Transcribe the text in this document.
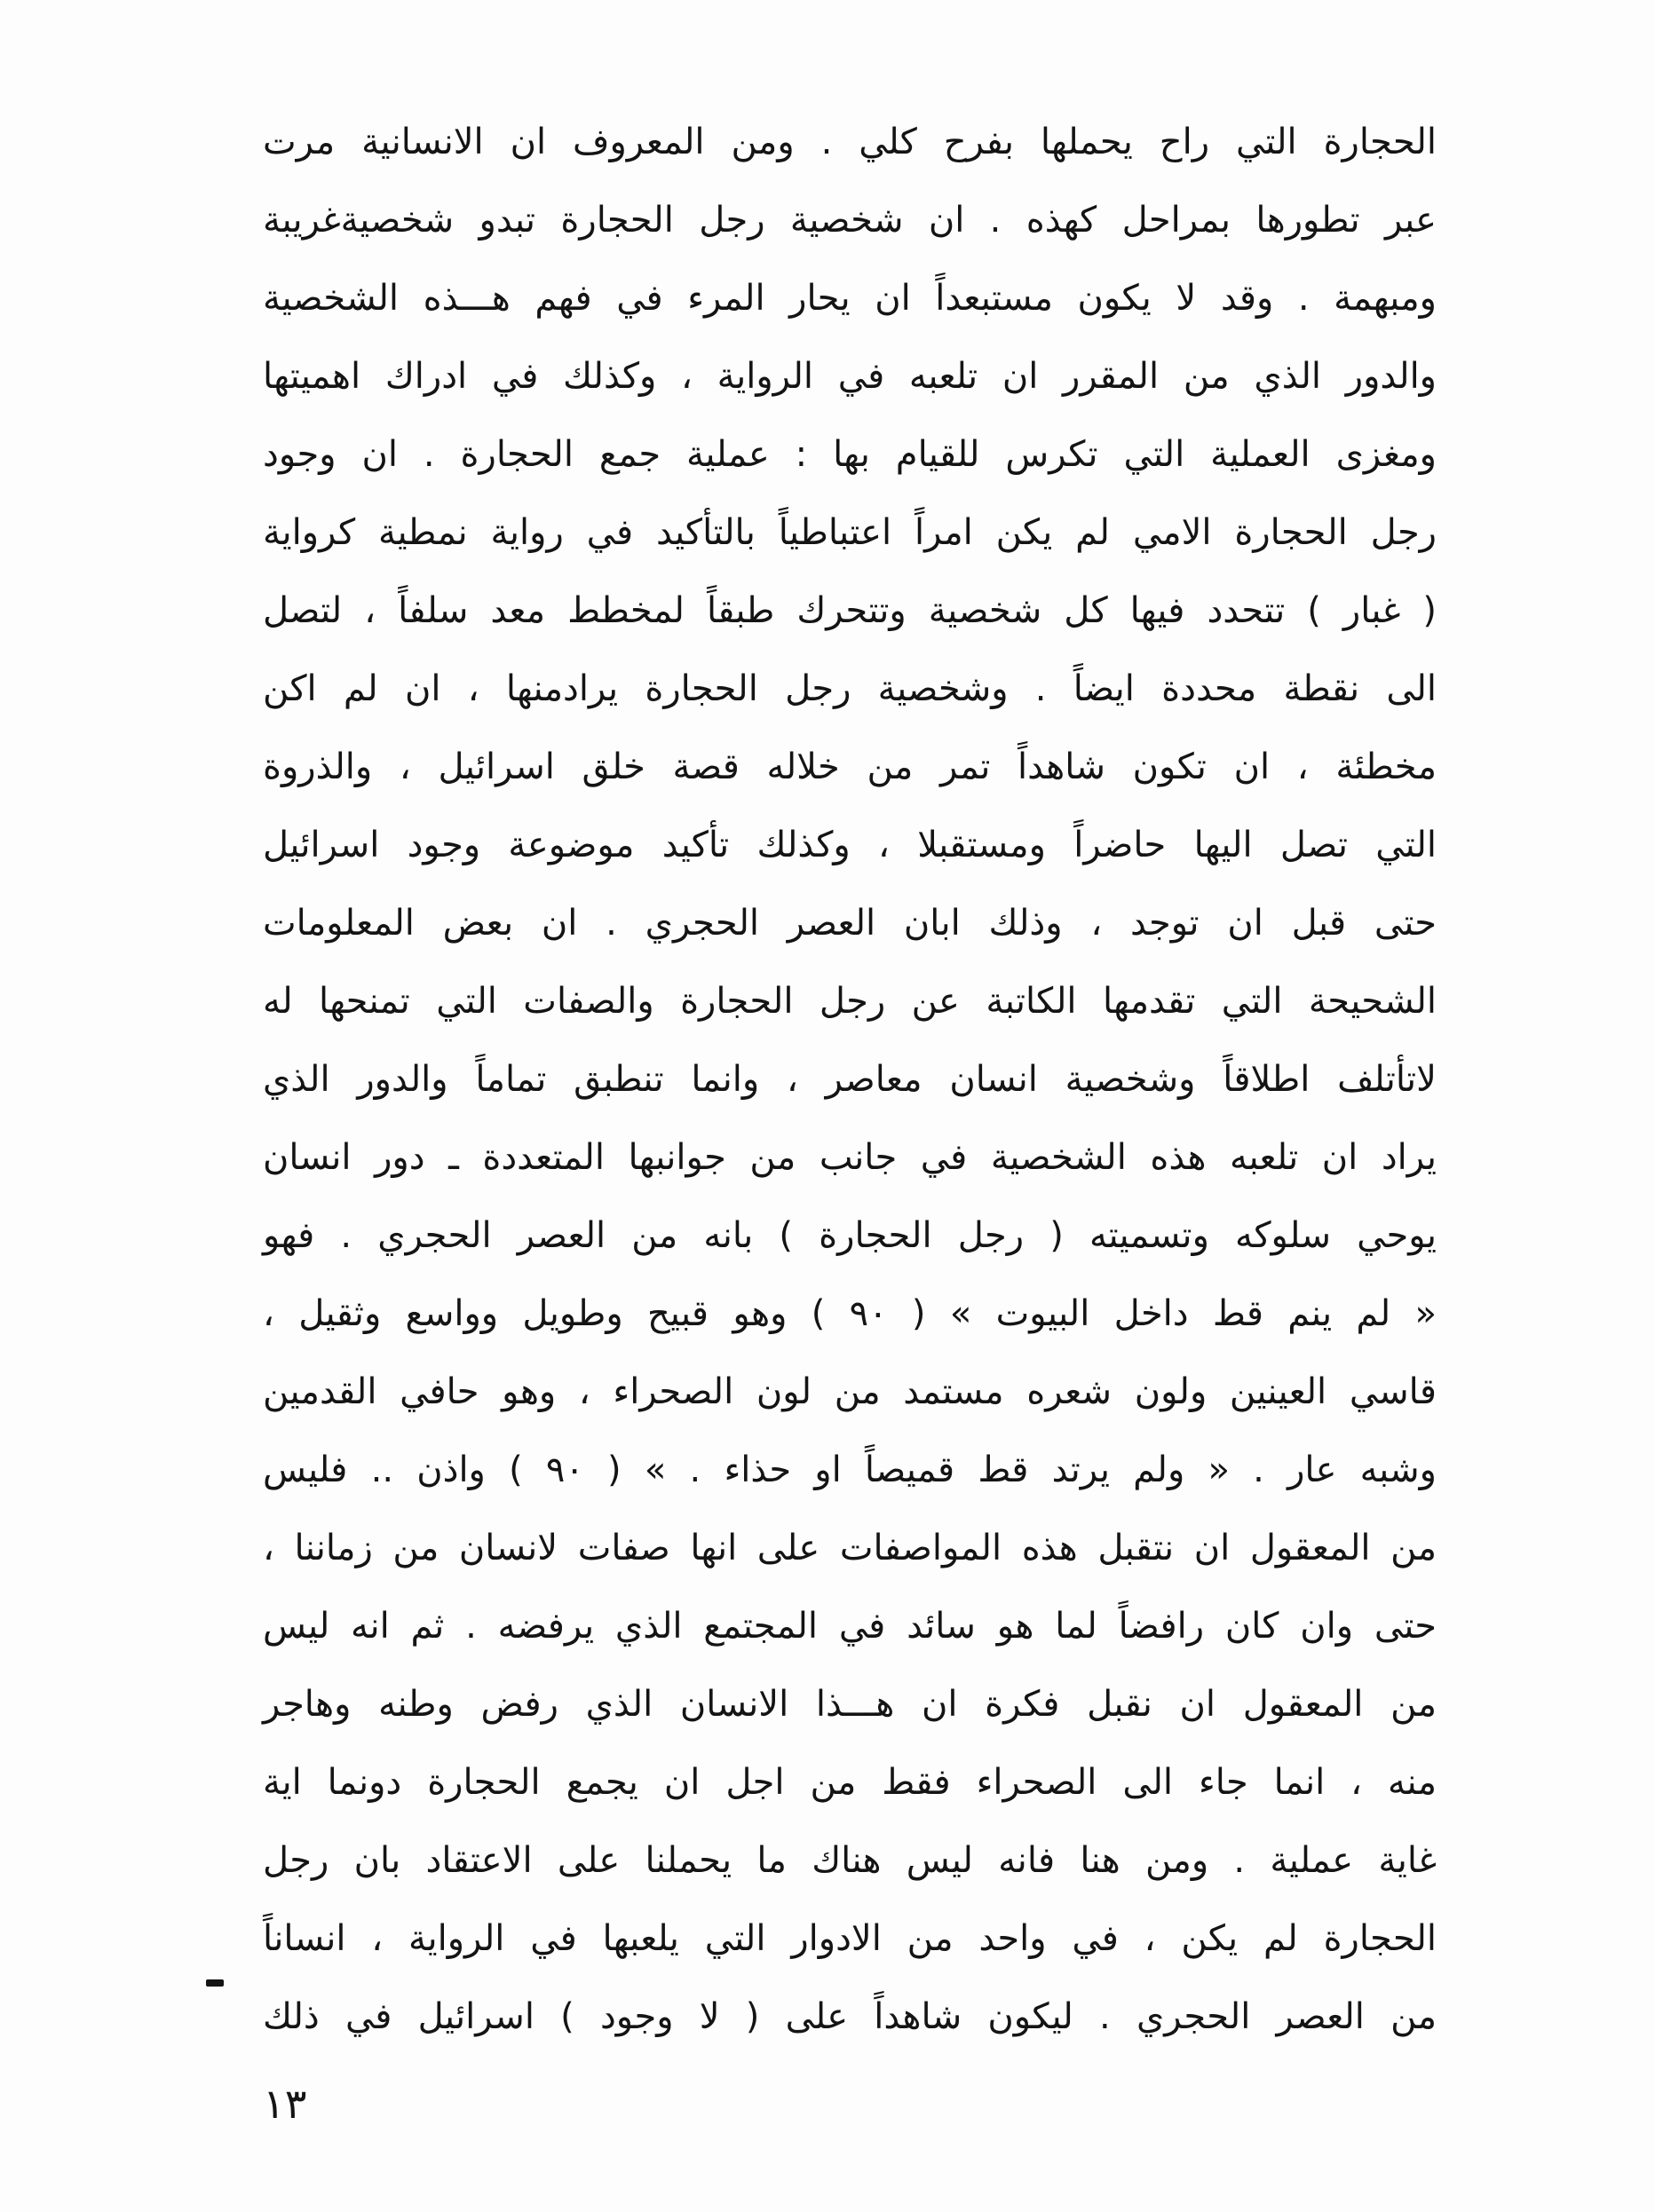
الحجارة التي راح يحملها بفرح كلي . ومن المعروف ان الانسانية مرت
عبر تطورها بمراحل كهذه . ان شخصية رجل الحجارة تبدو شخصيةغريبة
ومبهمة . وقد لا يكون مستبعداً ان يحار المرء في فهم هـــذه الشخصية
والدور الذي من المقرر ان تلعبه في الرواية ، وكذلك في ادراك اهميتها
ومغزى العملية التي تكرس للقيام بها : عملية جمع الحجارة . ان وجود
رجل الحجارة الامي لم يكن امراً اعتباطياً بالتأكيد في رواية نمطية كرواية
( غبار ) تتحدد فيها كل شخصية وتتحرك طبقاً لمخطط معد سلفاً ، لتصل
الى نقطة محددة ايضاً . وشخصية رجل الحجارة يرادمنها ، ان لم اكن
مخطئة ، ان تكون شاهداً تمر من خلاله قصة خلق اسرائيل ، والذروة
التي تصل اليها حاضراً ومستقبلا ، وكذلك تأكيد موضوعة وجود اسرائيل
حتى قبل ان توجد ، وذلك ابان العصر الحجري . ان بعض المعلومات
الشحيحة التي تقدمها الكاتبة عن رجل الحجارة والصفات التي تمنحها له
لاتأتلف اطلاقاً وشخصية انسان معاصر ، وانما تنطبق تماماً والدور الذي
يراد ان تلعبه هذه الشخصية في جانب من جوانبها المتعددة ـ دور انسان
يوحي سلوكه وتسميته ( رجل الحجارة ) بانه من العصر الحجري . فهو
« لم ينم قط داخل البيوت » ( ٩٠ ) وهو قبيح وطويل وواسع وثقيل ،
قاسي العينين ولون شعره مستمد من لون الصحراء ، وهو حافي القدمين
وشبه عار . « ولم يرتد قط قميصاً او حذاء . » ( ٩٠ ) واذن .. فليس
من المعقول ان نتقبل هذه المواصفات على انها صفات لانسان من زماننا ،
حتى وان كان رافضاً لما هو سائد في المجتمع الذي يرفضه . ثم انه ليس
من المعقول ان نقبل فكرة ان هـــذا الانسان الذي رفض وطنه وهاجر
منه ، انما جاء الى الصحراء فقط من اجل ان يجمع الحجارة دونما اية
غاية عملية . ومن هنا فانه ليس هناك ما يحملنا على الاعتقاد بان رجل
الحجارة لم يكن ، في واحد من الادوار التي يلعبها في الرواية ، انساناً
من العصر الحجري . ليكون شاهداً على ( لا وجود ) اسرائيل في ذلك
١٣
